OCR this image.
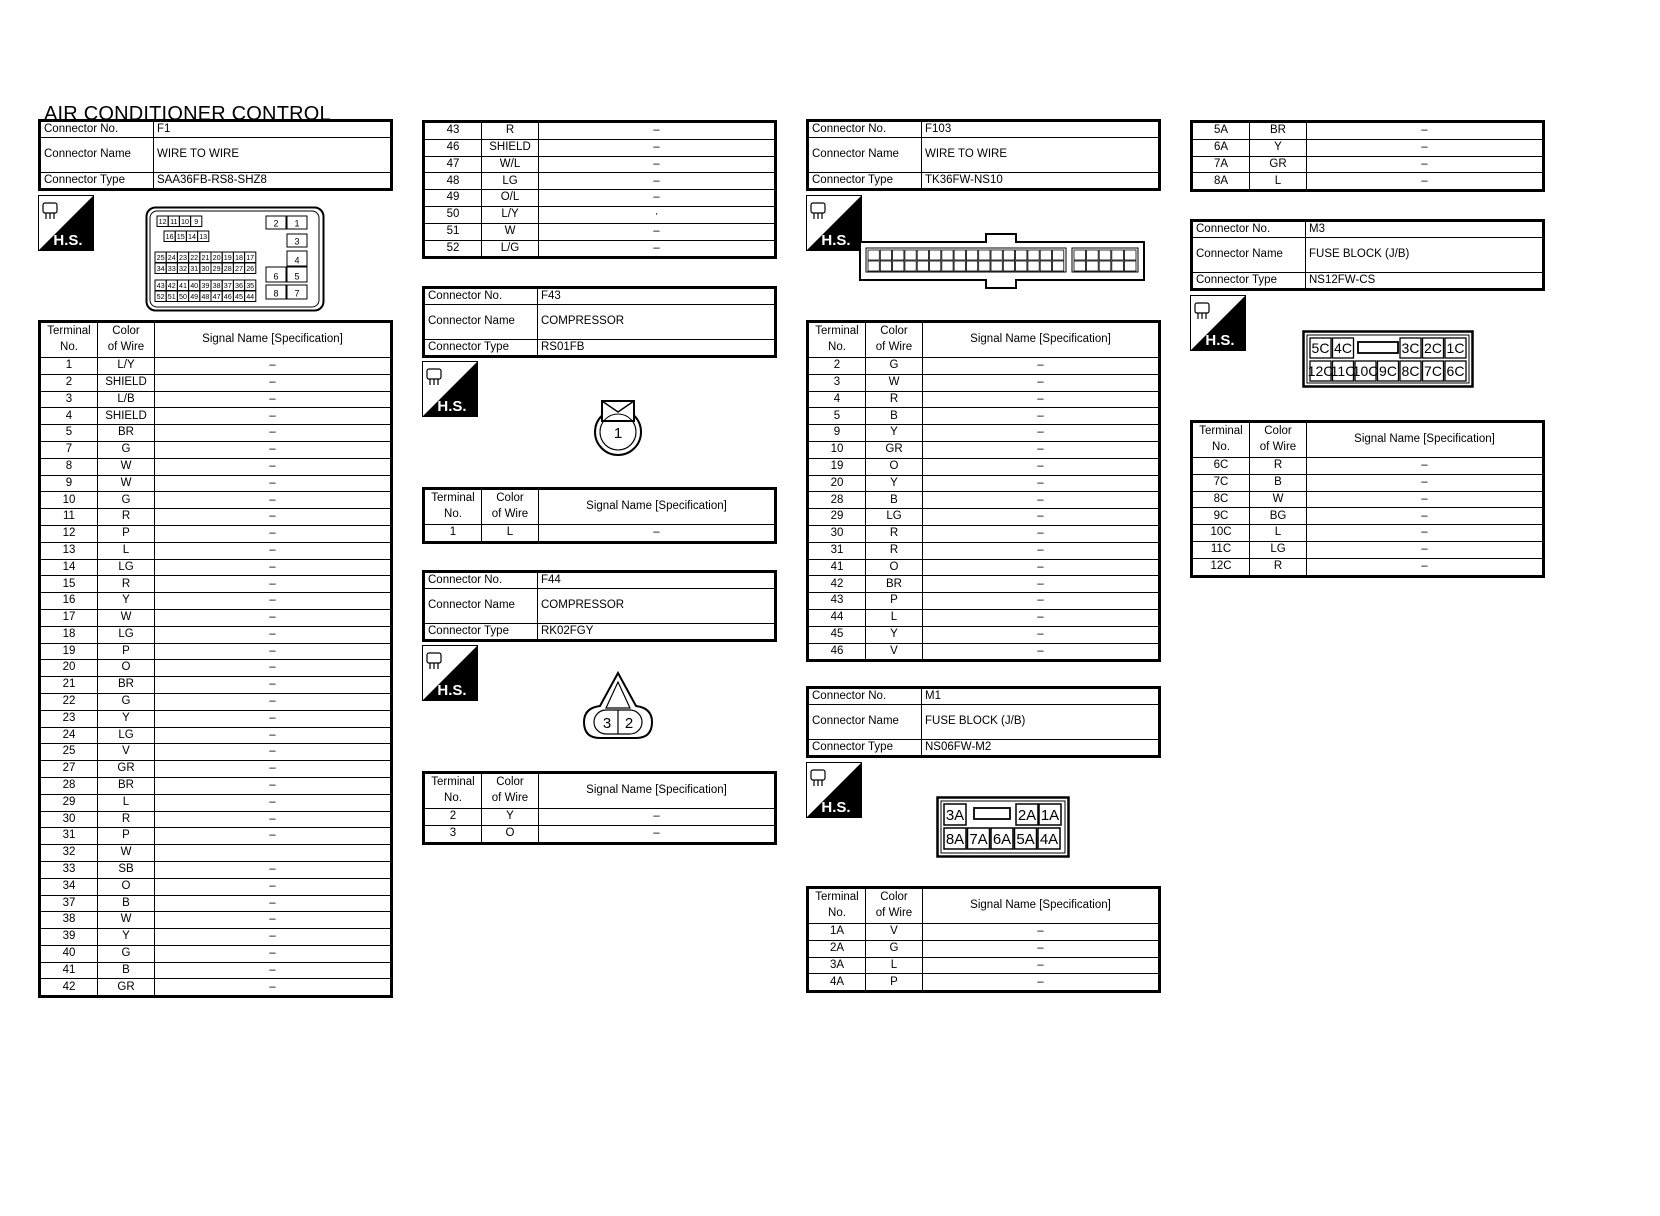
AIR CONDITIONER CONTROL
Connector No.	F1
Connector Name	WIRE TO WIRE
Connector Type	SAA36FB-RS8-SHZ8
H.S.
12 11 10 9	2 1
16 15 14 13	3
25 24 23 22 21 20 19 18 17	4
34 33 32 31 30 29 28 27 26
6 5
43 42 41 40 39 38 37 36 35
52 51 50 49 48 47 46 45 44 8 7
Terminal
No.	Color
of Wire	Signal Name [Specification]
1	L/Y	–
2	SHIELD	–
3	L/B	–
4	SHIELD	–
5	BR	–
7	G	–
8	W	–
9	W	–
10	G	–
11	R	–
12	P	–
13	L	–
14	LG	–
15	R	–
16	Y	–
17	W	–
18	LG	–
19	P	–
20	O	–
21	BR	–
22	G	–
23	Y	–
24	LG	–
25	V	–
27	GR	–
28	BR	–
29	L	–
30	R	–
31	P	–
32	W	
33	SB	–
34	O	–
37	B	–
38	W	–
39	Y	–
40	G	–
41	B	–
42	GR	–
43	R	–
46	SHIELD	–
47	W/L	–
48	LG	–
49	O/L	–
50	L/Y	·
51	W	–
52	L/G	–
Connector No.	F43
Connector Name	COMPRESSOR
Connector Type	RS01FB
H.S.
1
Terminal
No.	Color
of Wire	Signal Name [Specification]
1	L	–
Connector No.	F44
Connector Name	COMPRESSOR
Connector Type	RK02FGY
H.S.
3 2
Terminal
No.	Color
of Wire	Signal Name [Specification]
2	Y	–
3	O	–
Connector No.	F103
Connector Name	WIRE TO WIRE
Connector Type	TK36FW-NS10
H.S.
Terminal
No.	Color
of Wire	Signal Name [Specification]
2	G	–
3	W	–
4	R	–
5	B	–
9	Y	–
10	GR	–
19	O	–
20	Y	–
28	B	–
29	LG	–
30	R	–
31	R	–
41	O	–
42	BR	–
43	P	–
44	L	–
45	Y	–
46	V	–
Connector No.	M1
Connector Name	FUSE BLOCK (J/B)
Connector Type	NS06FW-M2
H.S.	3A	2A 1A
8A 7A 6A 5A 4A
Terminal
No.	Color
of Wire	Signal Name [Specification]
1A	V	–
2A	G	–
3A	L	–
4A	P	–
5A	BR	–
6A	Y	–
7A	GR	–
8A	L	–
Connector No.	M3
Connector Name	FUSE BLOCK (J/B)
Connector Type	NS12FW-CS
H.S.	5C 4C	3C 2C 1C
12C
11C
10C 9C 8C 7C 6C
Terminal
No.	Color
of Wire	Signal Name [Specification]
6C	R	–
7C	B	–
8C	W	–
9C	BG	–
10C	L	–
11C	LG	–
12C	R	–
